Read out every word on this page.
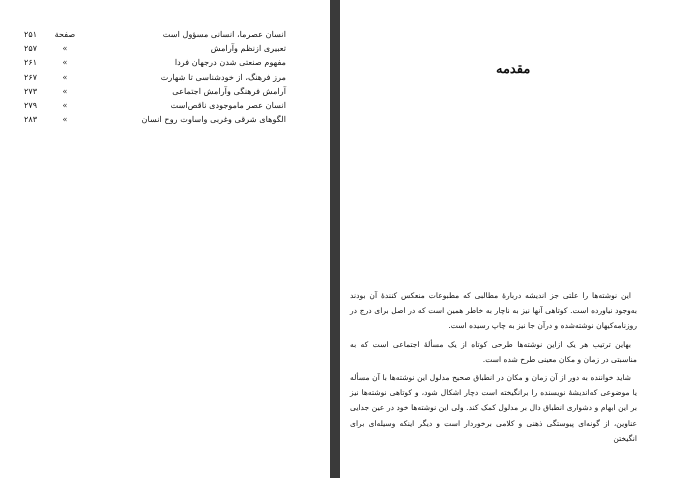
انسان عصرما، انسانی مسؤول است
صفحة
۲۵۱
تعبیری ازنظم وآرامش
»
۲۵۷
مفهوم صنعتی شدن درجهان فردا
»
۲۶۱
مرز فرهنگ، از خودشناسی تا شهارت
»
۲۶۷
آرامش فرهنگی وآرامش اجتماعی
»
۲۷۳
انسان عصر ماموجودی ناقص‌است
»
۲۷۹
الگوهای شرقی وغربی واساوت روح انسان
»
۲۸۳
مقدمه

این نوشته‌ها را علتی جز اندیشه دربارهٔ مطالبی که مطبوعات منعکس کنندهٔ آن بودند به‌وجود نیاورده است. کوتاهی آنها نیز به ناچار به خاطر همین است که در اصل برای درج در روزنامه‌کیهان نوشته‌شده و درآن جا نیز به چاپ رسیده است.

بهاین ترتیب هر یک ازاین نوشته‌ها طرحی کوتاه از یک مسألهٔ اجتماعی است که به مناسبتی در زمان و مکان معینی طرح شده است.

شاید خواننده به دور از آن زمان و مکان در انطباق صحیح مدلول این نوشته‌ها با آن مسأله یا موضوعی که‌اندیشهٔ نویسنده را برانگیخته است دچار اشکال شود، و کوتاهی نوشته‌ها نیز بر این ابهام و دشواری انطباق دال بر مدلول کمک کند. ولی این نوشته‌ها خود در عین جدایی عناوین، از گونه‌ای پیوستگی ذهنی و کلامی برخوردار است و دیگر اینکه وسیله‌ای برای انگیختن
